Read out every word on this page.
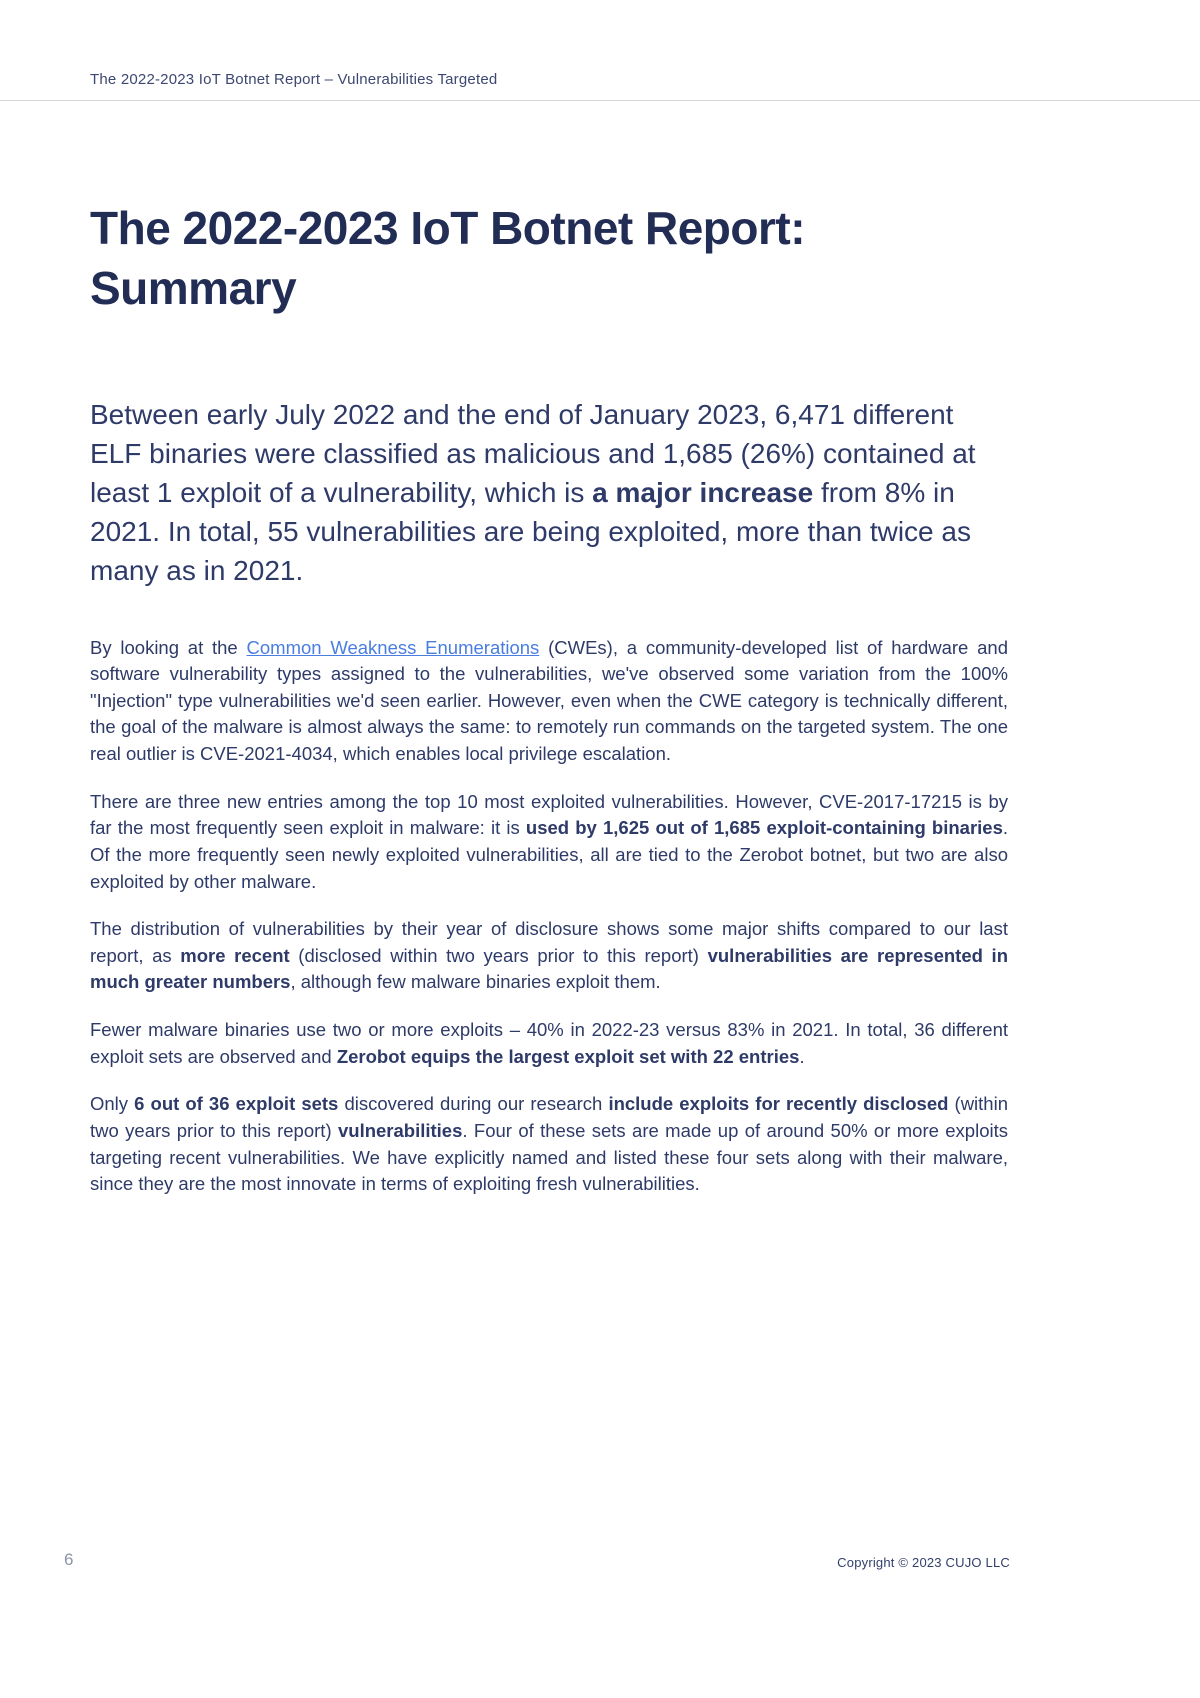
The 2022-2023 IoT Botnet Report – Vulnerabilities Targeted
The 2022-2023 IoT Botnet Report:
Summary

Between early July 2022 and the end of January 2023, 6,471 different ELF binaries were classified as malicious and 1,685 (26%) contained at least 1 exploit of a vulnerability, which is a major increase from 8% in 2021. In total, 55 vulnerabilities are being exploited, more than twice as many as in 2021.

By looking at the Common Weakness Enumerations (CWEs), a community-developed list of hardware and software vulnerability types assigned to the vulnerabilities, we've observed some variation from the 100% "Injection" type vulnerabilities we'd seen earlier. However, even when the CWE category is technically different, the goal of the malware is almost always the same: to remotely run commands on the targeted system. The one real outlier is CVE-2021-4034, which enables local privilege escalation.

There are three new entries among the top 10 most exploited vulnerabilities. However, CVE-2017-17215 is by far the most frequently seen exploit in malware: it is used by 1,625 out of 1,685 exploit-containing binaries. Of the more frequently seen newly exploited vulnerabilities, all are tied to the Zerobot botnet, but two are also exploited by other malware.

The distribution of vulnerabilities by their year of disclosure shows some major shifts compared to our last report, as more recent (disclosed within two years prior to this report) vulnerabilities are represented in much greater numbers, although few malware binaries exploit them.

Fewer malware binaries use two or more exploits – 40% in 2022-23 versus 83% in 2021. In total, 36 different exploit sets are observed and Zerobot equips the largest exploit set with 22 entries.

Only 6 out of 36 exploit sets discovered during our research include exploits for recently disclosed (within two years prior to this report) vulnerabilities. Four of these sets are made up of around 50% or more exploits targeting recent vulnerabilities. We have explicitly named and listed these four sets along with their malware, since they are the most innovate in terms of exploiting fresh vulnerabilities.

6	Copyright © 2023 CUJO LLC
